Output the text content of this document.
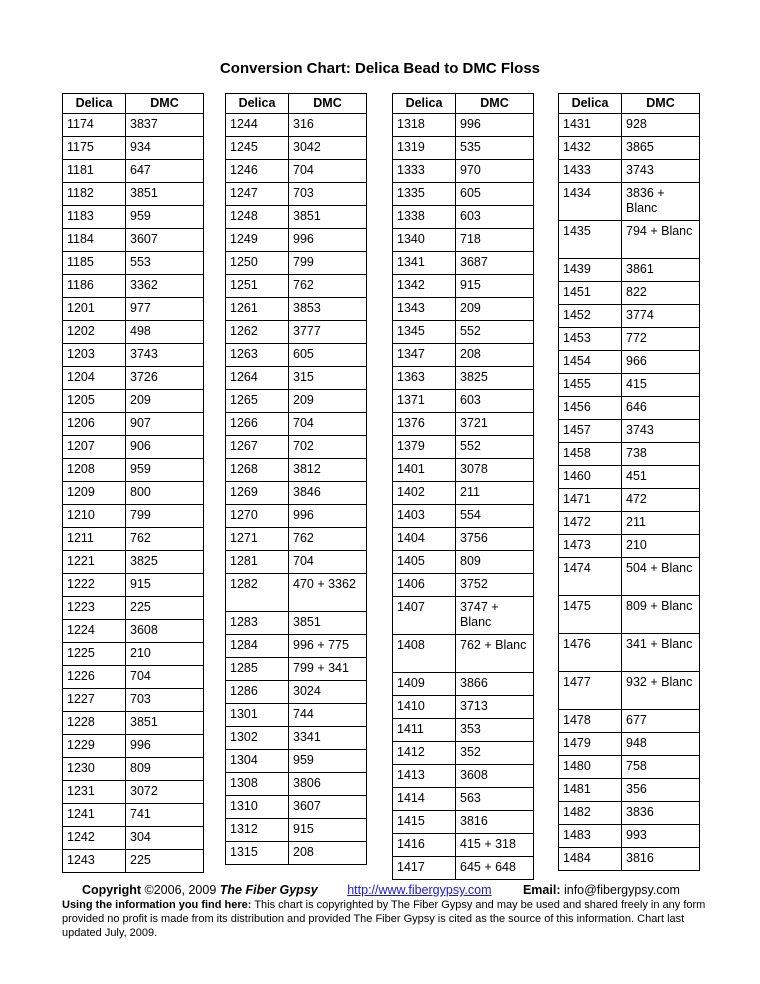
Conversion Chart: Delica Bead to DMC Floss
Delica	DMC
1174	3837
1175	934
1181	647
1182	3851
1183	959
1184	3607
1185	553
1186	3362
1201	977
1202	498
1203	3743
1204	3726
1205	209
1206	907
1207	906
1208	959
1209	800
1210	799
1211	762
1221	3825
1222	915
1223	225
1224	3608
1225	210
1226	704
1227	703
1228	3851
1229	996
1230	809
1231	3072
1241	741
1242	304
1243	225
Delica	DMC
1244	316
1245	3042
1246	704
1247	703
1248	3851
1249	996
1250	799
1251	762
1261	3853
1262	3777
1263	605
1264	315
1265	209
1266	704
1267	702
1268	3812
1269	3846
1270	996
1271	762
1281	704
1282	470 + 3362
1283	3851
1284	996 + 775
1285	799 + 341
1286	3024
1301	744
1302	3341
1304	959
1308	3806
1310	3607
1312	915
1315	208
Delica	DMC
1318	996
1319	535
1333	970
1335	605
1338	603
1340	718
1341	3687
1342	915
1343	209
1345	552
1347	208
1363	3825
1371	603
1376	3721
1379	552
1401	3078
1402	211
1403	554
1404	3756
1405	809
1406	3752
1407	3747 + Blanc
1408	762 + Blanc
1409	3866
1410	3713
1411	353
1412	352
1413	3608
1414	563
1415	3816
1416	415 + 318
1417	645 + 648
Delica	DMC
1431	928
1432	3865
1433	3743
1434	3836 + Blanc
1435	794 + Blanc
1439	3861
1451	822
1452	3774
1453	772
1454	966
1455	415
1456	646
1457	3743
1458	738
1460	451
1471	472
1472	211
1473	210
1474	504 + Blanc
1475	809 + Blanc
1476	341 + Blanc
1477	932 + Blanc
1478	677
1479	948
1480	758
1481	356
1482	3836
1483	993
1484	3816
Copyright ©2006, 2009 The Fiber Gypsy http://www.fibergypsy.com	Email: info@fibergypsy.com
Using the information you find here: This chart is copyrighted by The Fiber Gypsy and may be used and shared freely in any form provided no profit is made from its distribution and provided The Fiber Gypsy is cited as the source of this information. Chart last updated July, 2009.
